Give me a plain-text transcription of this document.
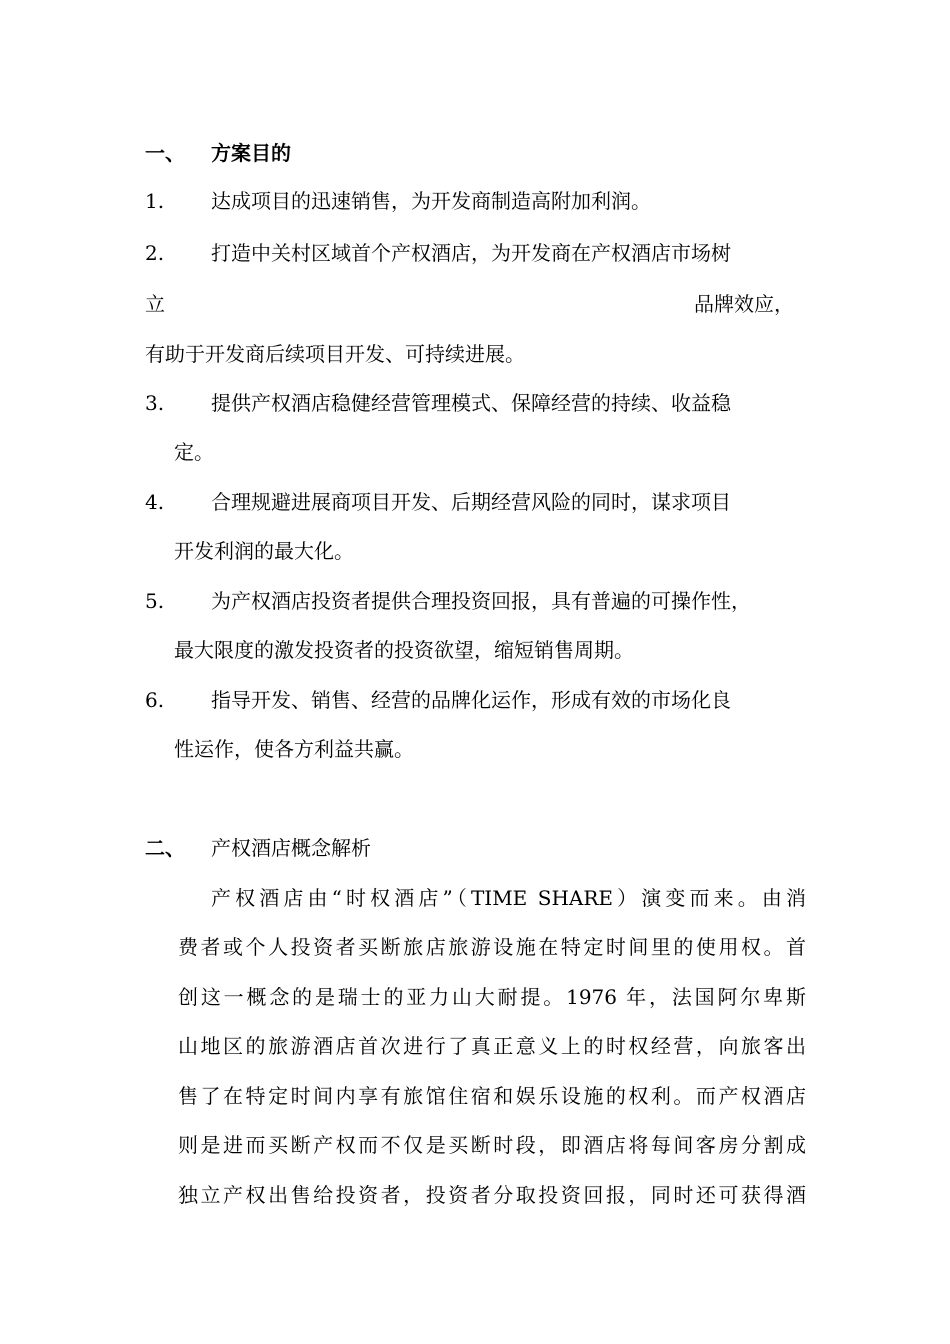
一、 方案目的
1. 达成项目的迅速销售，为开发商制造高附加利润。
2. 打造中关村区域首个产权酒店，为开发商在产权酒店市场树
立	品牌效应，
有助于开发商后续项目开发、可持续进展。
3. 提供产权酒店稳健经营管理模式、保障经营的持续、收益稳
定。
4. 合理规避进展商项目开发、后期经营风险的同时，谋求项目
开发利润的最大化。
5. 为产权酒店投资者提供合理投资回报，具有普遍的可操作性，
最大限度的激发投资者的投资欲望，缩短销售周期。
6. 指导开发、销售、经营的品牌化运作，形成有效的市场化良
性运作，使各方利益共赢。
二、 产权酒店概念解析
产权酒店由“时权酒店”（TIME SHARE）演变而来。由消
费者或个人投资者买断旅店旅游设施在特定时间里的使用权。首
创这一概念的是瑞士的亚力山大耐提。1976 年，法国阿尔卑斯
山地区的旅游酒店首次进行了真正意义上的时权经营，向旅客出
售了在特定时间内享有旅馆住宿和娱乐设施的权利。而产权酒店
则是进而买断产权而不仅是买断时段，即酒店将每间客房分割成
独立产权出售给投资者，投资者分取投资回报，同时还可获得酒
